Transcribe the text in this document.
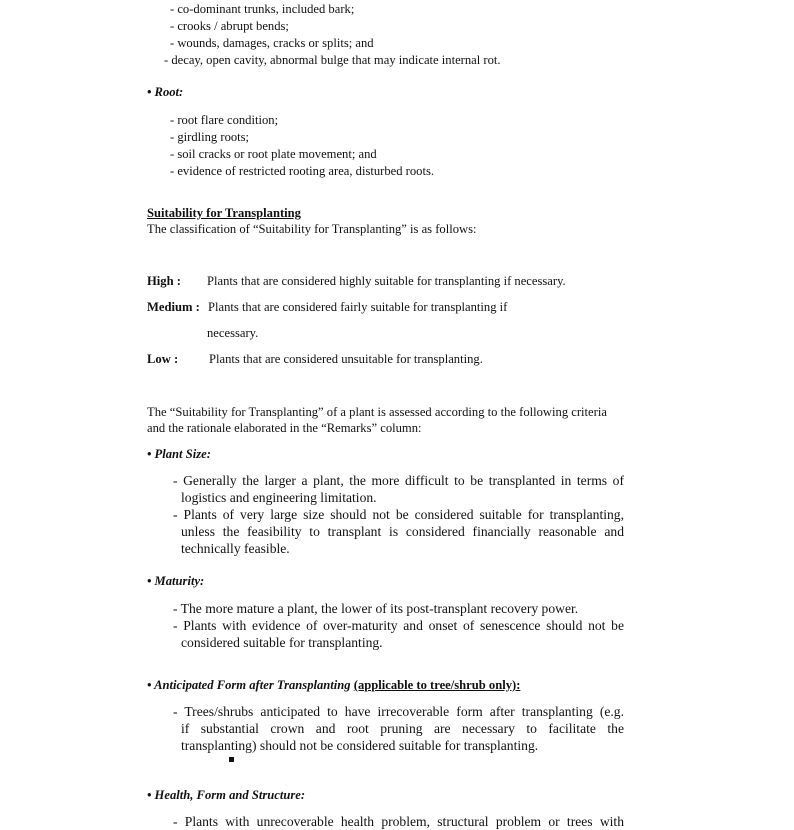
- co-dominant trunks, included bark;
- crooks / abrupt bends;
- wounds, damages, cracks or splits; and
- decay, open cavity, abnormal bulge that may indicate internal rot.
• Root:
- root flare condition;
- girdling roots;
- soil cracks or root plate movement; and
- evidence of restricted rooting area, disturbed roots.
Suitability for Transplanting
The classification of “Suitability for Transplanting” is as follows:
High : Plants that are considered highly suitable for transplanting if necessary.
Medium : Plants that are considered fairly suitable for transplanting if
necessary.
Low : Plants that are considered unsuitable for transplanting.
The “Suitability for Transplanting” of a plant is assessed according to the following criteria
and the rationale elaborated in the “Remarks” column:
• Plant Size:
- Generally the larger a plant, the more difficult to be transplanted in terms of
logistics and engineering limitation.
- Plants of very large size should not be considered suitable for transplanting,
unless the feasibility to transplant is considered financially reasonable and
technically feasible.
• Maturity:
- The more mature a plant, the lower of its post-transplant recovery power.
- Plants with evidence of over-maturity and onset of senescence should not be
considered suitable for transplanting.
• Anticipated Form after Transplanting (applicable to tree/shrub only):
- Trees/shrubs anticipated to have irrecoverable form after transplanting (e.g.
if substantial crown and root pruning are necessary to facilitate the
transplanting) should not be considered suitable for transplanting.
• Health, Form and Structure:
- Plants with unrecoverable health problem, structural problem or trees with
